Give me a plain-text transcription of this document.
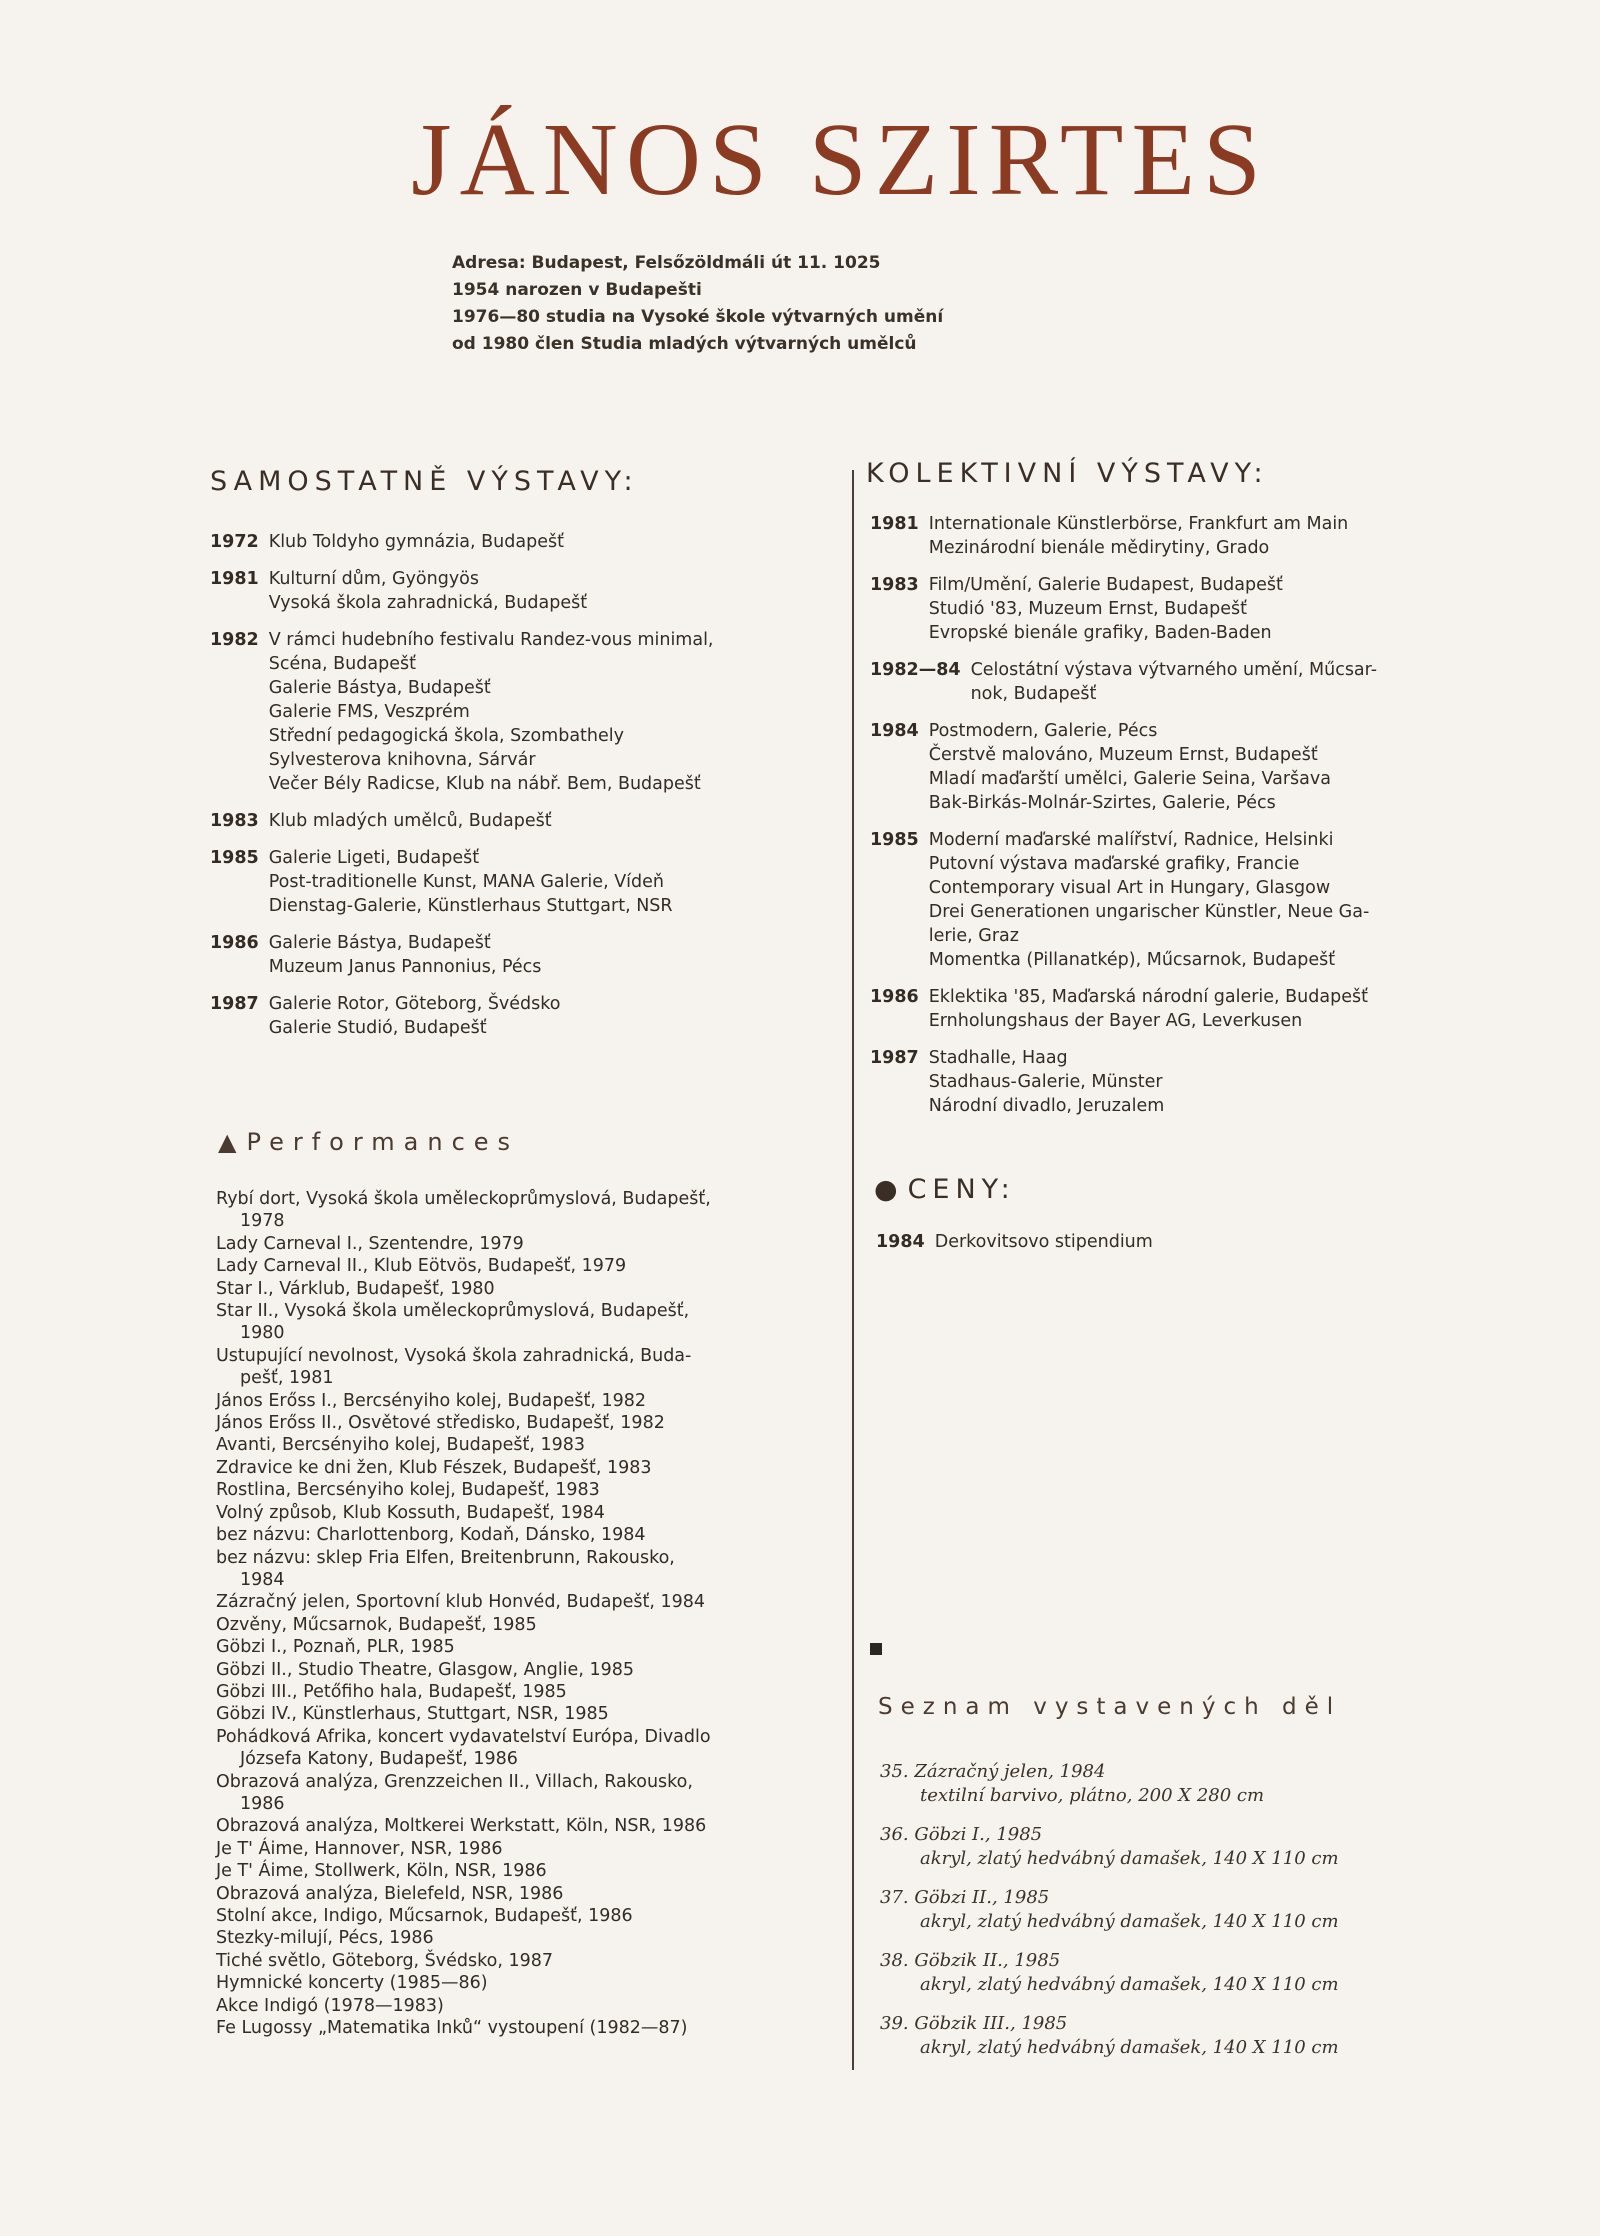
JÁNOS SZIRTES
Adresa: Budapest, Felsőzöldmáli út 11. 1025
1954 narozen v Budapešti
1976—80 studia na Vysoké škole výtvarných umění
od 1980 člen Studia mladých výtvarných umělců
SAMOSTATNĚ VÝSTAVY:
1972 Klub Toldyho gymnázia, Budapešť
1981 Kulturní dům, Gyöngyös
Vysoká škola zahradnická, Budapešť
1982 V rámci hudebního festivalu Randez-vous minimal,
Scéna, Budapešť
Galerie Bástya, Budapešť
Galerie FMS, Veszprém
Střední pedagogická škola, Szombathely
Sylvesterova knihovna, Sárvár
Večer Bély Radicse, Klub na nábř. Bem, Budapešť
1983 Klub mladých umělců, Budapešť
1985 Galerie Ligeti, Budapešť
Post-traditionelle Kunst, MANA Galerie, Vídeň
Dienstag-Galerie, Künstlerhaus Stuttgart, NSR
1986 Galerie Bástya, Budapešť
Muzeum Janus Pannonius, Pécs
1987 Galerie Rotor, Göteborg, Švédsko
Galerie Studió, Budapešť
KOLEKTIVNÍ VÝSTAVY:
1981 Internationale Künstlerbörse, Frankfurt am Main
Mezinárodní bienále mědirytiny, Grado
1983 Film/Umění, Galerie Budapest, Budapešť
Studió '83, Muzeum Ernst, Budapešť
Evropské bienále grafiky, Baden-Baden
1982—84 Celostátní výstava výtvarného umění, Műcsar-
nok, Budapešť
1984 Postmodern, Galerie, Pécs
Čerstvě malováno, Muzeum Ernst, Budapešť
Mladí maďarští umělci, Galerie Seina, Varšava
Bak-Birkás-Molnár-Szirtes, Galerie, Pécs
1985 Moderní maďarské malířství, Radnice, Helsinki
Putovní výstava maďarské grafiky, Francie
Contemporary visual Art in Hungary, Glasgow
Drei Generationen ungarischer Künstler, Neue Ga-
lerie, Graz
Momentka (Pillanatkép), Műcsarnok, Budapešť
1986 Eklektika '85, Maďarská národní galerie, Budapešť
Ernholungshaus der Bayer AG, Leverkusen
1987 Stadhalle, Haag
Stadhaus-Galerie, Münster
Národní divadlo, Jeruzalem
▲ Performances
Rybí dort, Vysoká škola uměleckoprůmyslová, Budapešť,
1978
Lady Carneval I., Szentendre, 1979
Lady Carneval II., Klub Eötvös, Budapešť, 1979
Star I., Várklub, Budapešť, 1980
Star II., Vysoká škola uměleckoprůmyslová, Budapešť,
1980
Ustupující nevolnost, Vysoká škola zahradnická, Buda-
pešť, 1981
János Erőss I., Bercsényiho kolej, Budapešť, 1982
János Erőss II., Osvětové středisko, Budapešť, 1982
Avanti, Bercsényiho kolej, Budapešť, 1983
Zdravice ke dni žen, Klub Fészek, Budapešť, 1983
Rostlina, Bercsényiho kolej, Budapešť, 1983
Volný způsob, Klub Kossuth, Budapešť, 1984
bez názvu: Charlottenborg, Kodaň, Dánsko, 1984
bez názvu: sklep Fria Elfen, Breitenbrunn, Rakousko,
1984
Zázračný jelen, Sportovní klub Honvéd, Budapešť, 1984
Ozvěny, Műcsarnok, Budapešť, 1985
Göbzi I., Poznaň, PLR, 1985
Göbzi II., Studio Theatre, Glasgow, Anglie, 1985
Göbzi III., Petőfiho hala, Budapešť, 1985
Göbzi IV., Künstlerhaus, Stuttgart, NSR, 1985
Pohádková Afrika, koncert vydavatelství Európa, Divadlo
Józsefa Katony, Budapešť, 1986
Obrazová analýza, Grenzzeichen II., Villach, Rakousko,
1986
Obrazová analýza, Moltkerei Werkstatt, Köln, NSR, 1986
Je T' Áime, Hannover, NSR, 1986
Je T' Áime, Stollwerk, Köln, NSR, 1986
Obrazová analýza, Bielefeld, NSR, 1986
Stolní akce, Indigo, Műcsarnok, Budapešť, 1986
Stezky-milují, Pécs, 1986
Tiché světlo, Göteborg, Švédsko, 1987
Hymnické koncerty (1985—86)
Akce Indigó (1978—1983)
Fe Lugossy „Matematika Inků“ vystoupení (1982—87)
● CENY:
1984 Derkovitsovo stipendium
Seznam vystavených děl
35. Zázračný jelen, 1984
textilní barvivo, plátno, 200 X 280 cm
36. Göbzi I., 1985
akryl, zlatý hedvábný damašek, 140 X 110 cm
37. Göbzi II., 1985
akryl, zlatý hedvábný damašek, 140 X 110 cm
38. Göbzik II., 1985
akryl, zlatý hedvábný damašek, 140 X 110 cm
39. Göbzik III., 1985
akryl, zlatý hedvábný damašek, 140 X 110 cm
